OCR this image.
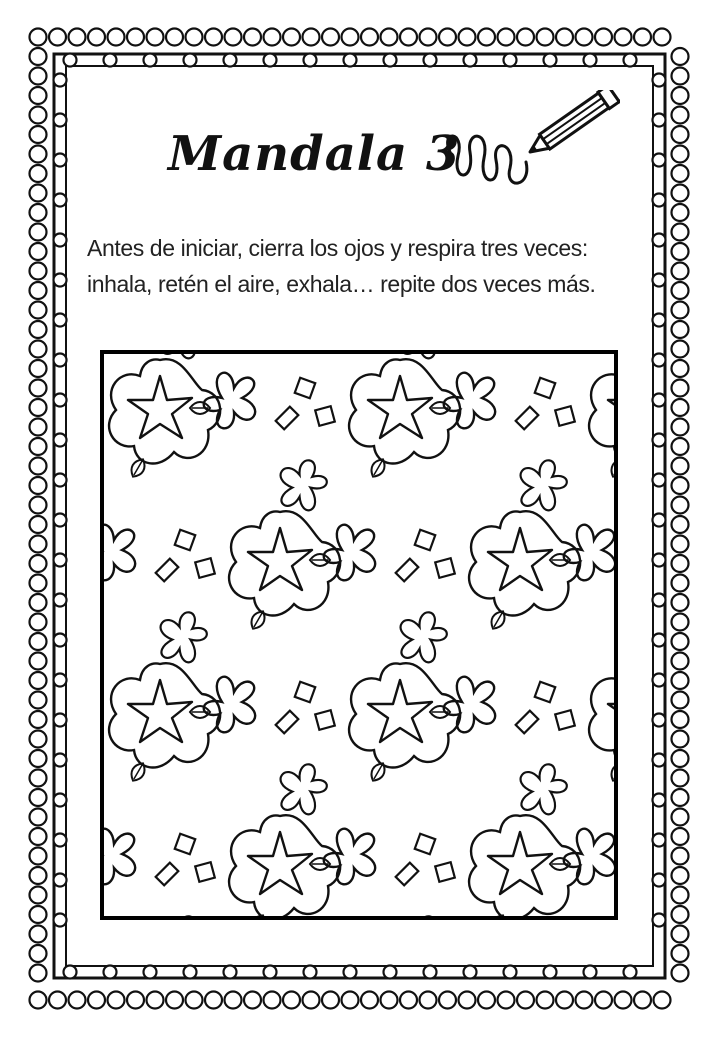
Mandala 3
Antes de iniciar, cierra los ojos y respira tres veces: inhala, retén el aire, exhala… repite dos veces más.
